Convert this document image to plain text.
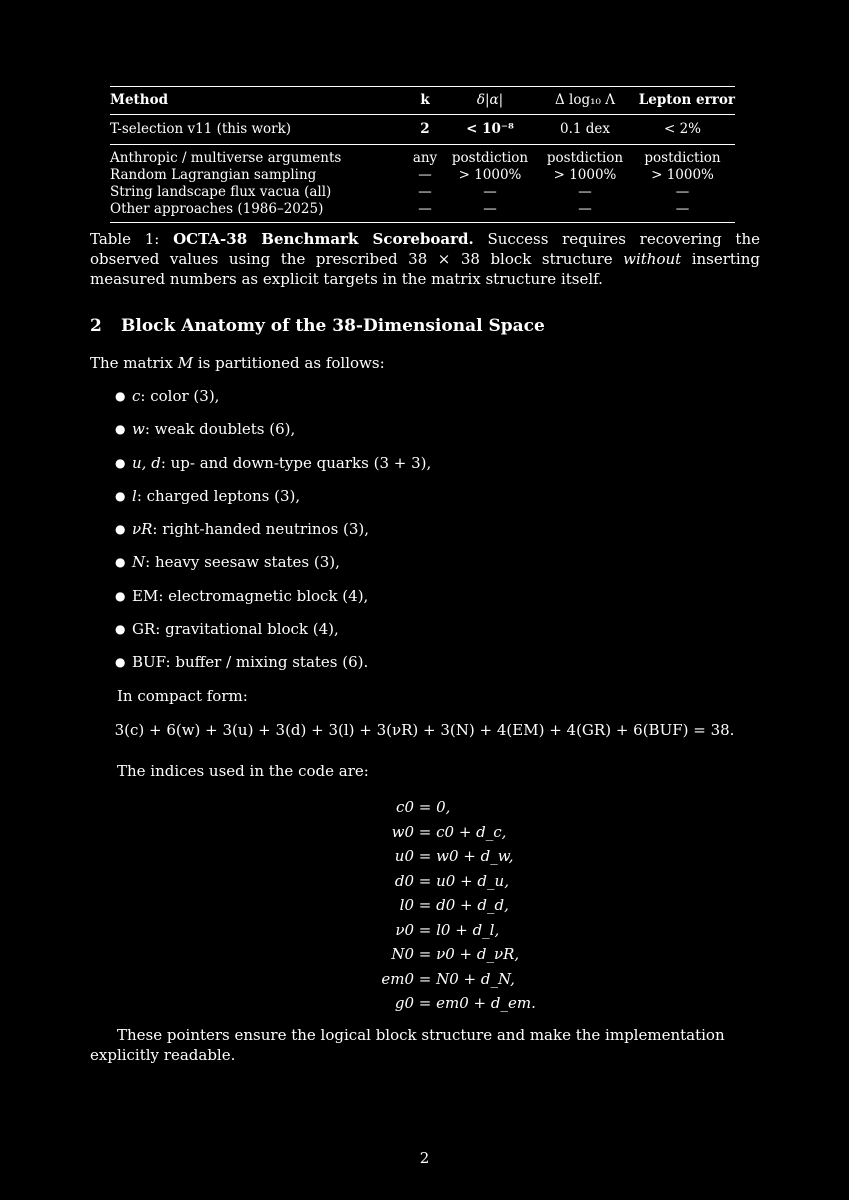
Method	k	δ|α|	Δ log₁₀ Λ	Lepton error
T-selection v11 (this work)	2	< 10⁻⁸	0.1 dex	< 2%
Anthropic / multiverse arguments	any	postdiction	postdiction	postdiction
Random Lagrangian sampling	—	> 1000%	> 1000%	> 1000%
String landscape flux vacua (all)	—	—	—	—
Other approaches (1986–2025)	—	—	—	—
Table 1: OCTA-38 Benchmark Scoreboard. Success requires recovering the observed values using the prescribed 38 × 38 block structure without inserting measured numbers as explicit targets in the matrix structure itself.
2 Block Anatomy of the 38-Dimensional Space
The matrix M is partitioned as follows:
● c: color (3),
● w: weak doublets (6),
● u, d: up- and down-type quarks (3 + 3),
● l: charged leptons (3),
● νR: right-handed neutrinos (3),
● N: heavy seesaw states (3),
● EM: electromagnetic block (4),
● GR: gravitational block (4),
● BUF: buffer / mixing states (6).
In compact form:
3(c) + 6(w) + 3(u) + 3(d) + 3(l) + 3(νR) + 3(N) + 4(EM) + 4(GR) + 6(BUF) = 38.
The indices used in the code are:
c0 = 0,
w0 = c0 + d_c,
u0 = w0 + d_w,
d0 = u0 + d_u,
l0 = d0 + d_d,
ν0 = l0 + d_l,
N0 = ν0 + d_νR,
em0 = N0 + d_N,
g0 = em0 + d_em.
These pointers ensure the logical block structure and make the implementation explicitly readable.
2
